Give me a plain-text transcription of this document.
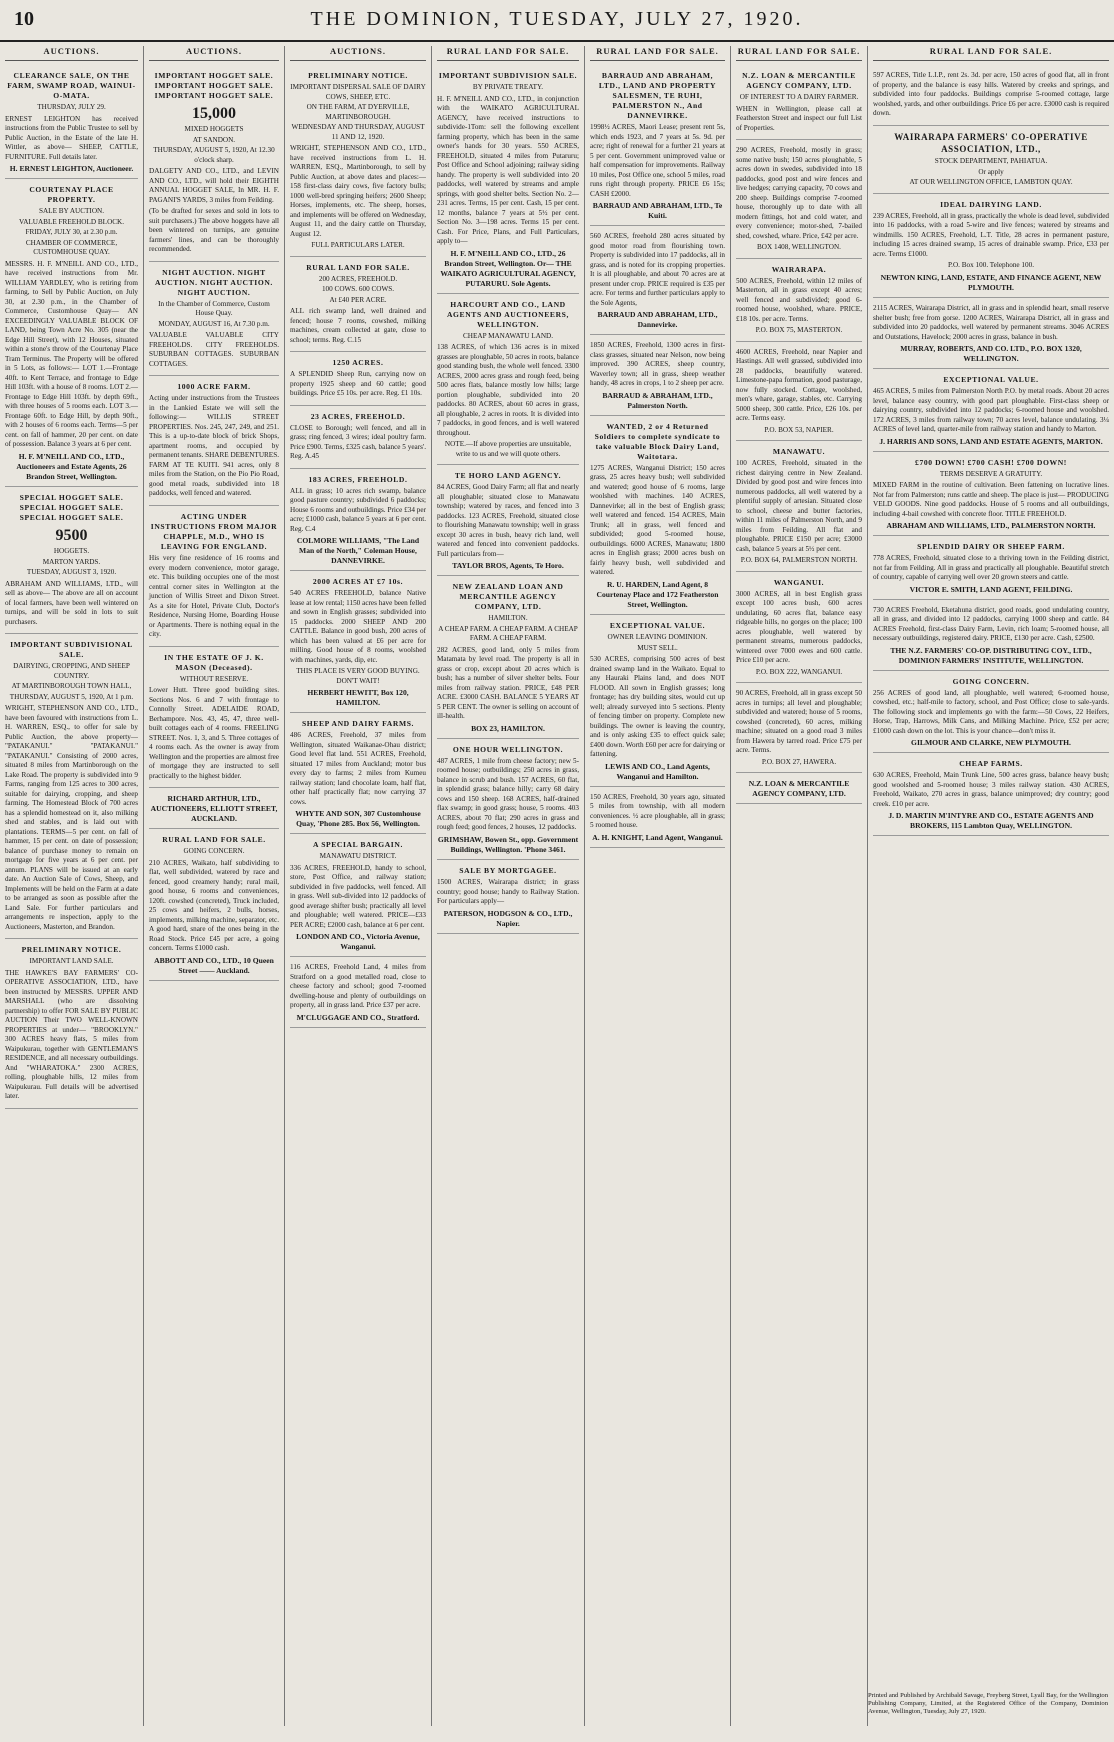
10	THE DOMINION, TUESDAY, JULY 27, 1920.
AUCTIONS.
CLEARANCE SALE, ON THE FARM, SWAMP ROAD, WAINUI-O-MATA.
THURSDAY, JULY 29.
ERNEST LEIGHTON has received instructions from the Public Trustee to sell by Public Auction, in the Estate of the late H. Wittler, as above— SHEEP, CATTLE, FURNITURE. Full details later.
H. ERNEST LEIGHTON, Auctioneer.
COURTENAY PLACE PROPERTY.
SALE BY AUCTION.
VALUABLE FREEHOLD BLOCK.
FRIDAY, JULY 30, at 2.30 p.m.
CHAMBER OF COMMERCE, CUSTOMHOUSE QUAY.
MESSRS. H. F. M'NEILL AND CO., LTD., have received instructions from Mr. WILLIAM YARDLEY, who is retiring from farming, to Sell by Public Auction, on July 30, at 2.30 p.m., in the Chamber of Commerce, Customhouse Quay— AN EXCEEDINGLY VALUABLE BLOCK OF LAND, being Town Acre No. 305 (near the Edge Hill Street), with 12 Houses, situated within a stone's throw of the Courtenay Place Tram Terminus. The Property will be offered in 5 Lots, as follows:— LOT 1.—Frontage 40ft. to Kent Terrace, and frontage to Edge Hill 103ft. with a house of 8 rooms. LOT 2.—Frontage to Edge Hill 103ft. by depth 69ft., with three houses of 5 rooms each. LOT 3.—Frontage 60ft. to Edge Hill, by depth 90ft., with 2 houses of 6 rooms each. Terms—5 per cent. on fall of hammer, 20 per cent. on date of possession. Balance 3 years at 6 per cent.
H. F. M'NEILL AND CO., LTD., Auctioneers and Estate Agents, 26 Brandon Street, Wellington.
SPECIAL HOGGET SALE. SPECIAL HOGGET SALE. SPECIAL HOGGET SALE.
9500
HOGGETS.
MARTON YARDS.
TUESDAY, AUGUST 3, 1920.
ABRAHAM AND WILLIAMS, LTD., will sell as above— The above are all on account of local farmers, have been well wintered on turnips, and will be sold in lots to suit purchasers.
IMPORTANT SUBDIVISIONAL SALE.
DAIRYING, CROPPING, AND SHEEP COUNTRY.
AT MARTINBOROUGH TOWN HALL,
THURSDAY, AUGUST 5, 1920, At 1 p.m.
WRIGHT, STEPHENSON AND CO., LTD., have been favoured with instructions from L. H. WARREN, ESQ., to offer for sale by Public Auction, the above property— "PATAKANUI." "PATAKANUI." "PATAKANUI." Consisting of 2000 acres, situated 8 miles from Martinborough on the Lake Road. The property is subdivided into 9 Farms, ranging from 125 acres to 300 acres, suitable for dairying, cropping, and sheep farming. The Homestead Block of 700 acres has a splendid homestead on it, also milking shed and stables, and is laid out with plantations. TERMS—5 per cent. on fall of hammer, 15 per cent. on date of possession; balance of purchase money to remain on mortgage for five years at 6 per cent. per annum. PLANS will be issued at an early date. An Auction Sale of Cows, Sheep, and Implements will be held on the Farm at a date to be arranged as soon as possible after the Land Sale. For further particulars and arrangements re inspection, apply to the Auctioneers, Masterton, and Brandon.
PRELIMINARY NOTICE.
IMPORTANT LAND SALE.
THE HAWKE'S BAY FARMERS' CO-OPERATIVE ASSOCIATION, LTD., have been instructed by MESSRS. UPPER AND MARSHALL (who are dissolving partnership) to offer FOR SALE BY PUBLIC AUCTION Their TWO WELL-KNOWN PROPERTIES at under— "BROOKLYN." 300 ACRES heavy flats, 5 miles from Waipukurau, together with GENTLEMAN'S RESIDENCE, and all necessary outbuildings. And "WHARATOKA." 2300 ACRES, rolling, ploughable hills, 12 miles from Waipukurau. Full details will be advertised later.
AUCTIONS.
IMPORTANT HOGGET SALE. IMPORTANT HOGGET SALE. IMPORTANT HOGGET SALE.
15,000
MIXED HOGGETS
AT SANDON.
THURSDAY, AUGUST 5, 1920, At 12.30 o'clock sharp.
DALGETY AND CO., LTD., and LEVIN AND CO., LTD., will hold their EIGHTH ANNUAL HOGGET SALE, In MR. H. F. PAGANI'S YARDS, 3 miles from Feilding.
(To be drafted for sexes and sold in lots to suit purchasers.) The above hoggets have all been wintered on turnips, are genuine farmers' lines, and can be thoroughly recommended.
NIGHT AUCTION. NIGHT AUCTION. NIGHT AUCTION. NIGHT AUCTION.
In the Chamber of Commerce, Custom House Quay.
MONDAY, AUGUST 16, At 7.30 p.m.
VALUABLE VALUABLE CITY FREEHOLDS. CITY FREEHOLDS. SUBURBAN COTTAGES. SUBURBAN COTTAGES.
1000 ACRE FARM.
Acting under instructions from the Trustees in the Lankied Estate we will sell the following:— WILLIS STREET PROPERTIES. Nos. 245, 247, 249, and 251. This is a up-to-date block of brick Shops, apartment rooms, and occupied by permanent tenants. SHARE DEBENTURES. FARM AT TE KUITI. 941 acres, only 8 miles from the Station, on the Pio Pio Road, good metal roads, subdivided into 18 paddocks, well fenced and watered.
ACTING UNDER INSTRUCTIONS FROM MAJOR CHAPPLE, M.D., WHO IS LEAVING FOR ENGLAND.
His very fine residence of 16 rooms and every modern convenience, motor garage, etc. This building occupies one of the most central corner sites in Wellington at the junction of Willis Street and Dixon Street. As a site for Hotel, Private Club, Doctor's Residence, Nursing Home, Boarding House or Apartments. There is nothing equal in the city.
IN THE ESTATE OF J. K. MASON (Deceased).
WITHOUT RESERVE.
Lower Hutt. Three good building sites. Sections Nos. 6 and 7 with frontage to Connolly Street. ADELAIDE ROAD, Berhampore. Nos. 43, 45, 47, three well-built cottages each of 4 rooms. FREELING STREET. Nos. 1, 3, and 5. Three cottages of 4 rooms each. As the owner is away from Wellington and the properties are almost free of mortgage they are instructed to sell practically to the highest bidder.
RICHARD ARTHUR, LTD., AUCTIONEERS, ELLIOTT STREET, AUCKLAND.
RURAL LAND FOR SALE.
GOING CONCERN.
210 ACRES, Waikato, half subdividing to flat, well subdivided, watered by race and fenced, good creamery handy; rural mail, good house, 6 rooms and conveniences, 120ft. cowshed (concreted), Truck included, 25 cows and heifers, 2 bulls, horses, implements, milking machine, separator, etc. A good hard, snare of the ones being in the Road Stock. Price £45 per acre, a going concern. Terms £1000 cash.
ABBOTT AND CO., LTD., 10 Queen Street —— Auckland.
AUCTIONS.
PRELIMINARY NOTICE.
IMPORTANT DISPERSAL SALE OF DAIRY COWS, SHEEP, ETC.
ON THE FARM, AT DYERVILLE, MARTINBOROUGH.
WEDNESDAY AND THURSDAY, AUGUST 11 AND 12, 1920.
WRIGHT, STEPHENSON AND CO., LTD., have received instructions from L. H. WARREN, ESQ., Martinborough, to sell by Public Auction, at above dates and places:— 158 first-class dairy cows, five factory bulls; 1000 well-bred springing heifers; 2600 Sheep; Horses, implements, etc. The sheep, horses, and implements will be offered on Wednesday, August 11, and the dairy cattle on Thursday, August 12.
FULL PARTICULARS LATER.
RURAL LAND FOR SALE.
200 ACRES, FREEHOLD.
100 COWS. 600 COWS.
At £40 PER ACRE.
ALL rich swamp land, well drained and fenced; house 7 rooms, cowshed, milking machines, cream collected at gate, close to school; terms. Reg. C.15
1250 ACRES.
A SPLENDID Sheep Run, carrying now on property 1925 sheep and 60 cattle; good buildings. Price £5 10s. per acre. Reg. £1 10s.
23 ACRES, FREEHOLD.
CLOSE to Borough; well fenced, and all in grass; ring fenced, 3 wires; ideal poultry farm. Price £900. Terms, £325 cash, balance 5 years'. Reg. A.45
183 ACRES, FREEHOLD.
ALL in grass; 10 acres rich swamp, balance good pasture country; subdivided 6 paddocks; House 6 rooms and outbuildings. Price £34 per acre; £1000 cash, balance 5 years at 6 per cent. Reg. C.4
COLMORE WILLIAMS, "The Land Man of the North," Coleman House, DANNEVIRKE.
2000 ACRES AT £7 10s.
540 ACRES FREEHOLD, balance Native lease at low rental; 1150 acres have been felled and sown in English grasses; subdivided into 15 paddocks. 2000 SHEEP AND 200 CATTLE. Balance in good bush, 200 acres of which has been valued at £6 per acre for milling. Good house of 8 rooms, woolshed with machines, yards, dip, etc.
THIS PLACE IS VERY GOOD BUYING. DON'T WAIT!
HERBERT HEWITT, Box 120, HAMILTON.
SHEEP AND DAIRY FARMS.
486 ACRES, Freehold, 37 miles from Wellington, situated Waikanae-Ohau district; Good level flat land. 551 ACRES, Freehold, situated 17 miles from Auckland; motor bus every day to farms; 2 miles from Kumeu railway station; land chocolate loam, half flat, other half practically flat; now carrying 37 cows.
WHYTE AND SON, 307 Customhouse Quay, 'Phone 285. Box 56, Wellington.
A SPECIAL BARGAIN.
MANAWATU DISTRICT.
336 ACRES, FREEHOLD, handy to school, store, Post Office, and railway station; subdivided in five paddocks, well fenced. All in grass. Well sub-divided into 12 paddocks of good average shifter bush; practically all level and ploughable; well watered. PRICE—£33 PER ACRE; £2000 cash, balance at 6 per cent.
LONDON AND CO., Victoria Avenue, Wanganui.
116 ACRES, Freehold Land, 4 miles from Stratford on a good metalled road, close to cheese factory and school; good 7-roomed dwelling-house and plenty of outbuildings on property, all in grass land. Price £37 per acre.
M'CLUGGAGE AND CO., Stratford.
RURAL LAND FOR SALE.
IMPORTANT SUBDIVISION SALE.
BY PRIVATE TREATY.
H. F. M'NEILL AND CO., LTD., in conjunction with the WAIKATO AGRICULTURAL AGENCY, have received instructions to subdivide-1Tom: sell the following excellent farming property, which has been in the same owner's hands for 30 years. 550 ACRES, FREEHOLD, situated 4 miles from Putaruru; Post Office and School adjoining; railway siding handy. The property is well subdivided into 20 paddocks, well watered by streams and ample springs, with good shelter belts. Section No. 2—231 acres. Terms, 15 per cent. Cash, 15 per cent. 12 months, balance 7 years at 5½ per cent. Section No. 3—198 acres. Terms 15 per cent. Cash. For Price, Plans, and Full Particulars, apply to—
H. F. M'NEILL AND CO., LTD., 26 Brandon Street, Wellington. Or— THE WAIKATO AGRICULTURAL AGENCY, PUTARURU. Sole Agents.
HARCOURT AND CO., LAND AGENTS AND AUCTIONEERS, WELLINGTON.
CHEAP MANAWATU LAND.
138 ACRES, of which 136 acres is in mixed grasses are ploughable, 50 acres in roots, balance good standing bush, the whole well fenced. 3300 ACRES, 2000 acres grass and rough feed, being 500 acres flats, balance mostly low hills; large portion ploughable, subdivided into 20 paddocks. 80 ACRES, about 60 acres in grass, all ploughable, 2 acres in roots. It is divided into 7 paddocks, in good fences, and is well watered throughout.
NOTE.—If above properties are unsuitable, write to us and we will quote others.
TE HORO LAND AGENCY.
84 ACRES, Good Dairy Farm; all flat and nearly all ploughable; situated close to Manawatu township; watered by races, and fenced into 3 paddocks. 123 ACRES, Freehold, situated close to flourishing Manawatu township; well in grass except 30 acres in bush, heavy rich land, well watered and fenced into convenient paddocks. Full particulars from—
TAYLOR BROS, Agents, Te Horo.
NEW ZEALAND LOAN AND MERCANTILE AGENCY COMPANY, LTD.
HAMILTON.
A CHEAP FARM. A CHEAP FARM. A CHEAP FARM. A CHEAP FARM.
282 ACRES, good land, only 5 miles from Matamata by level road. The property is all in grass or crop, except about 20 acres which is bush; has a number of silver shelter belts. Four miles from railway station. PRICE, £48 PER ACRE. £3000 CASH. BALANCE 5 YEARS AT 5 PER CENT. The owner is selling on account of ill-health.
BOX 23, HAMILTON.
ONE HOUR WELLINGTON.
487 ACRES, 1 mile from cheese factory; new 5-roomed house; outbuildings; 250 acres in grass, balance in scrub and bush. 157 ACRES, 60 flat, in splendid grass; balance hilly; carry 68 dairy cows and 150 sheep. 168 ACRES, half-drained flax swamp; in good grass; house, 5 rooms. 403 ACRES, about 70 flat; 290 acres in grass and rough feed; good fences, 2 houses, 12 paddocks.
GRIMSHAW, Bowen St., opp. Government Buildings, Wellington. 'Phone 3461.
SALE BY MORTGAGEE.
1500 ACRES, Wairarapa district; in grass country; good house; handy to Railway Station. For particulars apply—
PATERSON, HODGSON & CO., LTD., Napier.
RURAL LAND FOR SALE.
BARRAUD AND ABRAHAM, LTD., LAND AND PROPERTY SALESMEN, TE RUHI, PALMERSTON N., And DANNEVIRKE.
1998½ ACRES, Maori Lease; present rent 5s, which ends 1923, and 7 years at 5s. 9d. per acre; right of renewal for a further 21 years at 5 per cent. Government unimproved value or half compensation for improvements. Railway 10 miles, Post Office one, school 5 miles, road runs right through property. PRICE £6 15s; CASH £2000.
BARRAUD AND ABRAHAM, LTD., Te Kuiti.
560 ACRES, freehold 280 acres situated by good motor road from flourishing town. Property is subdivided into 17 paddocks, all in grass, and is noted for its cropping properties. It is all ploughable, and about 70 acres are at present under crop. PRICE required is £35 per acre. For terms and further particulars apply to the Sole Agents,
BARRAUD AND ABRAHAM, LTD., Dannevirke.
1850 ACRES, Freehold, 1300 acres in first-class grasses, situated near Nelson, now being improved. 390 ACRES, sheep country, Waverley town; all in grass, sheep weather handy, 48 acres in crops, 1 to 2 sheep per acre.
BARRAUD & ABRAHAM, LTD., Palmerston North.
WANTED, 2 or 4 Returned Soldiers to complete syndicate to take valuable Block Dairy Land, Waitotara.
1275 ACRES, Wanganui District; 150 acres grass, 25 acres heavy bush; well subdivided and watered; good house of 6 rooms, large woolshed with machines. 140 ACRES, Dannevirke; all in the best of English grass; well watered and fenced. 154 ACRES, Main Trunk; all in grass, well fenced and subdivided; good 5-roomed house, outbuildings. 6000 ACRES, Manawatu; 1800 acres in English grass; 2000 acres bush on fairly heavy bush, well subdivided and watered.
R. U. HARDEN, Land Agent, 8 Courtenay Place and 172 Featherston Street, Wellington.
EXCEPTIONAL VALUE.
OWNER LEAVING DOMINION.
MUST SELL.
530 ACRES, comprising 500 acres of best drained swamp land in the Waikato. Equal to any Hauraki Plains land, and does NOT FLOOD. All sown in English grasses; long frontage; has dry building sites, would cut up well; already surveyed into 5 sections. Plenty of fencing timber on property. Complete new buildings. The owner is leaving the country, and is only asking £35 to effect quick sale; £400 down. Worth £60 per acre for dairying or fattening.
LEWIS AND CO., Land Agents, Wanganui and Hamilton.
150 ACRES, Freehold, 30 years ago, situated 5 miles from township, with all modern conveniences. ½ acre ploughable, all in grass; 5 roomed house.
A. H. KNIGHT, Land Agent, Wanganui.
RURAL LAND FOR SALE.
N.Z. LOAN & MERCANTILE AGENCY COMPANY, LTD.
OF INTEREST TO A DAIRY FARMER.
WHEN in Wellington, please call at Featherston Street and inspect our full List of Properties.
290 ACRES, Freehold, mostly in grass; some native bush; 150 acres ploughable, 5 acres down in swedes, subdivided into 18 paddocks, good post and wire fences and live hedges; carrying capacity, 70 cows and 200 sheep. Buildings comprise 7-roomed house, thoroughly up to date with all modern fittings, hot and cold water, and every convenience; motor-shed, 7-bailed shed, cowshed, whare. Price, £42 per acre.
BOX 1408, WELLINGTON.
WAIRARAPA.
500 ACRES, Freehold, within 12 miles of Masterton, all in grass except 40 acres; well fenced and subdivided; good 6-roomed house, woolshed, whare. PRICE, £18 10s. per acre. Terms.
P.O. BOX 75, MASTERTON.
4600 ACRES, Freehold, near Napier and Hastings. All well grassed, subdivided into 28 paddocks, beautifully watered. Limestone-papa formation, good pasturage, now fully stocked. Cottage, woolshed, men's whare, garage, stables, etc. Carrying 5000 sheep, 300 cattle. Price, £26 10s. per acre. Terms easy.
P.O. BOX 53, NAPIER.
MANAWATU.
100 ACRES, Freehold, situated in the richest dairying centre in New Zealand. Divided by good post and wire fences into numerous paddocks, all well watered by a plentiful supply of artesian. Situated close to school, cheese and butter factories, within 11 miles of Palmerston North, and 9 miles from Feilding. All flat and ploughable. PRICE £150 per acre; £3000 cash, balance 5 years at 5½ per cent.
P.O. BOX 64, PALMERSTON NORTH.
WANGANUI.
3000 ACRES, all in best English grass except 100 acres bush, 600 acres undulating, 60 acres flat, balance easy ridgeable hills, no gorges on the place; 100 acres ploughable, well watered by permanent streams, numerous paddocks, wintered over 7000 ewes and 600 cattle. Price £10 per acre.
P.O. BOX 222, WANGANUI.
90 ACRES, Freehold, all in grass except 50 acres in turnips; all level and ploughable; subdivided and watered; house of 5 rooms, cowshed (concreted), 60 acres, milking machine; situated on a good road 3 miles from Hawera by tarred road. Price £75 per acre. Terms.
P.O. BOX 27, HAWERA.
N.Z. LOAN & MERCANTILE AGENCY COMPANY, LTD.
RURAL LAND FOR SALE.
597 ACRES, Title L.I.P., rent 2s. 3d. per acre, 150 acres of good flat, all in front of property, and the balance is easy hills. Watered by creeks and springs, and subdivided into four paddocks. Buildings comprise 5-roomed cottage, large woolshed, yards, and other outbuildings. Price £6 per acre. £3000 cash is required down.
WAIRARAPA FARMERS' CO-OPERATIVE ASSOCIATION, LTD.,
STOCK DEPARTMENT, PAHIATUA.
Or apply
AT OUR WELLINGTON OFFICE, LAMBTON QUAY.
IDEAL DAIRYING LAND.
239 ACRES, Freehold, all in grass, practically the whole is dead level, subdivided into 16 paddocks, with a road 5-wire and live fences; watered by streams and windmills. 150 ACRES, Freehold, L.T. Title, 28 acres in permanent pasture, including 15 acres drained swamp, 15 acres of drainable swamp. Price, £33 per acre. Terms £1000.
P.O. Box 100. Telephone 100.
NEWTON KING, LAND, ESTATE, AND FINANCE AGENT, NEW PLYMOUTH.
2115 ACRES, Wairarapa District, all in grass and in splendid heart, small reserve shelter bush; free from gorse. 1200 ACRES, Wairarapa District, all in grass and subdivided into 20 paddocks, well watered by permanent streams. 3046 ACRES and Outstations, Havelock; 2000 acres in grass, balance in bush.
MURRAY, ROBERTS, AND CO. LTD., P.O. BOX 1320, WELLINGTON.
EXCEPTIONAL VALUE.
465 ACRES, 5 miles from Palmerston North P.O. by metal roads. About 20 acres level, balance easy country, with good part ploughable. First-class sheep or dairying country, subdivided into 12 paddocks; 6-roomed house and woolshed. 172 ACRES, 3 miles from railway town; 70 acres level, balance undulating. 3¼ ACRES of level land, quarter-mile from railway station and handy to Marton.
J. HARRIS AND SONS, LAND AND ESTATE AGENTS, MARTON.
£700 DOWN! £700 CASH! £700 DOWN!
TERMS DESERVE A GRATUITY.
MIXED FARM in the routine of cultivation. Been fattening on lucrative lines. Not far from Palmerston; runs cattle and sheep. The place is just— PRODUCING VELD GOODS. Nine good paddocks. House of 5 rooms and all outbuildings, including 4-bail cowshed with concrete floor. TITLE FREEHOLD.
ABRAHAM AND WILLIAMS, LTD., PALMERSTON NORTH.
SPLENDID DAIRY OR SHEEP FARM.
778 ACRES, Freehold, situated close to a thriving town in the Feilding district, not far from Feilding. All in grass and practically all ploughable. Beautiful stretch of country, capable of carrying well over 20 grown steers and cattle.
VICTOR E. SMITH, LAND AGENT, FEILDING.
730 ACRES Freehold, Eketahuna district, good roads, good undulating country, all in grass, and divided into 12 paddocks, carrying 1000 sheep and cattle. 84 ACRES Freehold, first-class Dairy Farm, Levin, rich loam; 5-roomed house, all necessary outbuildings, registered dairy. PRICE, £130 per acre. Cash, £2500.
THE N.Z. FARMERS' CO-OP. DISTRIBUTING COY., LTD., DOMINION FARMERS' INSTITUTE, WELLINGTON.
GOING CONCERN.
256 ACRES of good land, all ploughable, well watered; 6-roomed house, cowshed, etc.; half-mile to factory, school, and Post Office; close to sale-yards. The following stock and implements go with the farm:—50 Cows, 22 Heifers, Horse, Trap, Harrows, Milk Cans, and Milking Machine. Price, £52 per acre; £1000 cash down on the lot. This is your chance—don't miss it.
GILMOUR AND CLARKE, NEW PLYMOUTH.
CHEAP FARMS.
630 ACRES, Freehold, Main Trunk Line, 500 acres grass, balance heavy bush; good woolshed and 5-roomed house; 3 miles railway station. 430 ACRES, Freehold, Waikato, 270 acres in grass, balance unimproved; dry country; good creek. £10 per acre.
J. D. MARTIN M'INTYRE AND CO., ESTATE AGENTS AND BROKERS, 115 Lambton Quay, WELLINGTON.
Printed and Published by Archibald Savage, Freyberg Street, Lyall Bay, for the Wellington Publishing Company, Limited, at the Registered Office of the Company, Dominion Avenue, Wellington, Tuesday, July 27, 1920.
